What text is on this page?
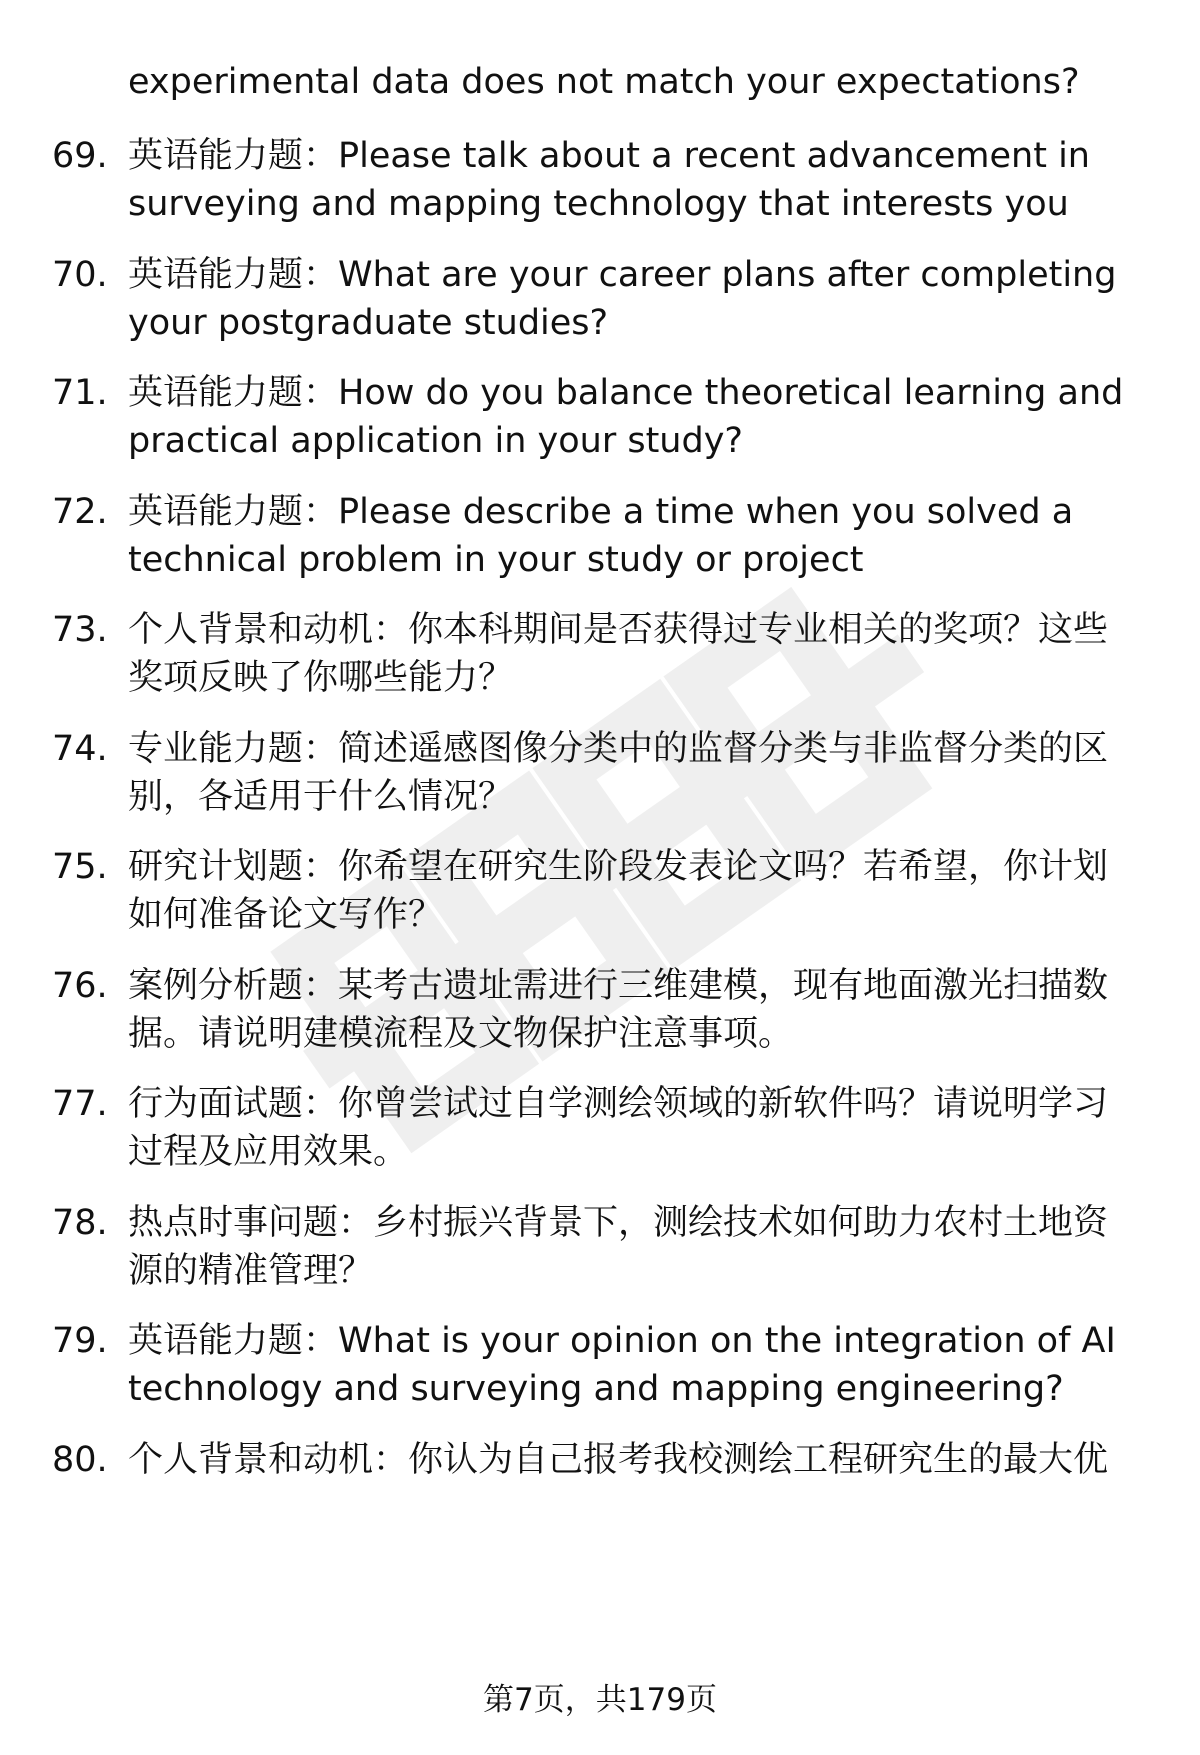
experimental data does not match your expectations?

69. 英语能力题：Please talk about a recent advancement in
surveying and mapping technology that interests you

70. 英语能力题：What are your career plans after completing
your postgraduate studies?

71. 英语能力题：How do you balance theoretical learning and
practical application in your study?

72. 英语能力题：Please describe a time when you solved a
technical problem in your study or project

73. 个人背景和动机：你本科期间是否获得过专业相关的奖项？这些
奖项反映了你哪些能力？

74. 专业能力题：简述遥感图像分类中的监督分类与非监督分类的区
别，各适用于什么情况？

75. 研究计划题：你希望在研究生阶段发表论文吗？若希望，你计划
如何准备论文写作？

76. 案例分析题：某考古遗址需进行三维建模，现有地面激光扫描数
据。请说明建模流程及文物保护注意事项。

77. 行为面试题：你曾尝试过自学测绘领域的新软件吗？请说明学习
过程及应用效果。

78. 热点时事问题：乡村振兴背景下，测绘技术如何助力农村土地资
源的精准管理？

79. 英语能力题：What is your opinion on the integration of AI
technology and surveying and mapping engineering?

80. 个人背景和动机：你认为自己报考我校测绘工程研究生的最大优

第7页，共179页
